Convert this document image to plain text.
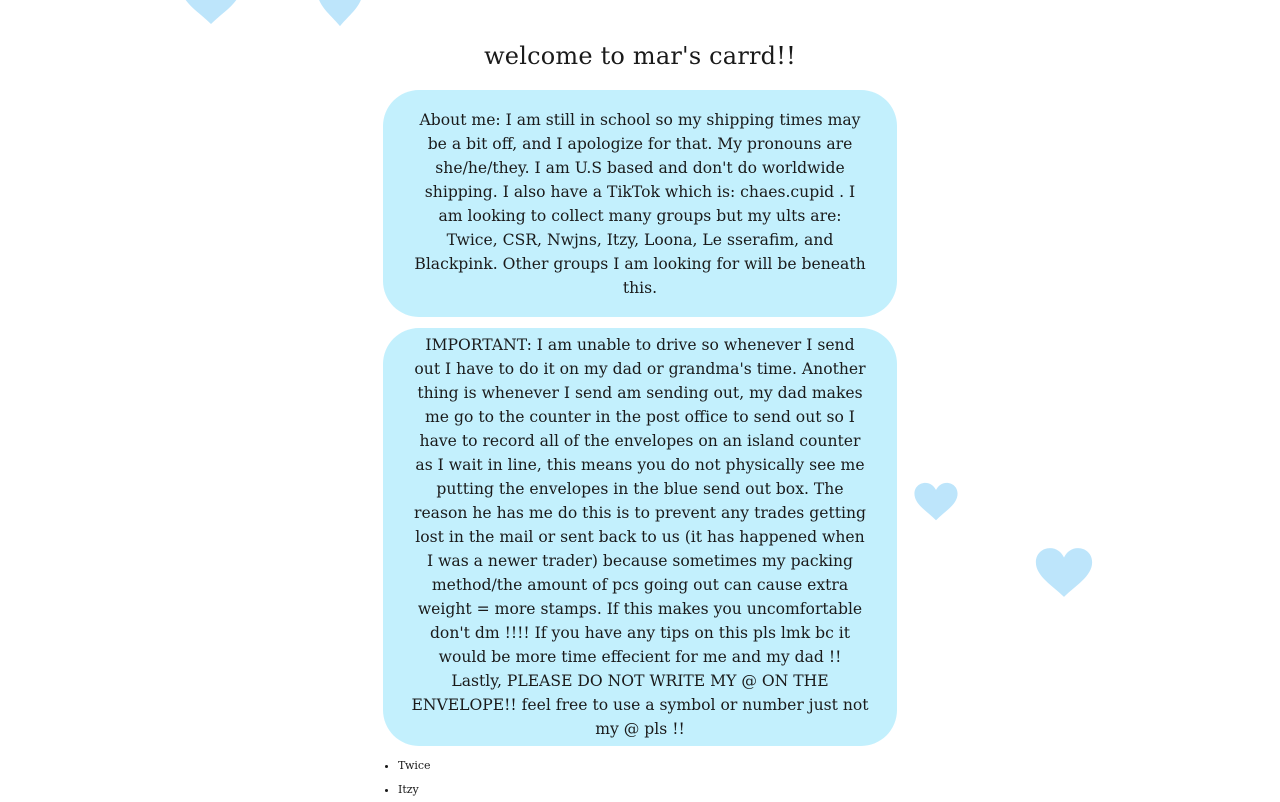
welcome to mar's carrd!!

About me: I am still in school so my shipping times may be a bit off, and I apologize for that. My pronouns are she/he/they. I am U.S based and don't do worldwide shipping. I also have a TikTok which is: chaes.cupid . I am looking to collect many groups but my ults are: Twice, CSR, Nwjns, Itzy, Loona, Le sserafim, and Blackpink. Other groups I am looking for will be beneath this.

IMPORTANT: I am unable to drive so whenever I send out I have to do it on my dad or grandma's time. Another thing is whenever I send am sending out, my dad makes me go to the counter in the post office to send out so I have to record all of the envelopes on an island counter as I wait in line, this means you do not physically see me putting the envelopes in the blue send out box. The reason he has me do this is to prevent any trades getting lost in the mail or sent back to us (it has happened when I was a newer trader) because sometimes my packing method/the amount of pcs going out can cause extra weight = more stamps. If this makes you uncomfortable don't dm !!!! If you have any tips on this pls lmk bc it would be more time effecient for me and my dad !! Lastly, PLEASE DO NOT WRITE MY @ ON THE ENVELOPE!! feel free to use a symbol or number just not my @ pls !!

• Twice
• Itzy
